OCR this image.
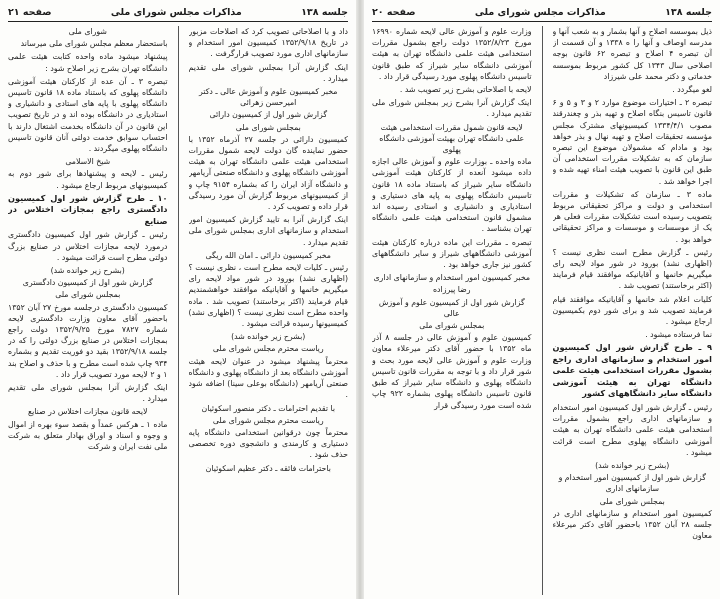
جلسه ۱۳۸
مذاکرات مجلس شورای ملی
صفحه ۲۱
داد و با اصلاحاتی تصویب کرد که اصلاحات مزبور در تاریخ ۱۳۵۲/۹/۱۸ کمیسیون امور استخدام و سازمانهای اداری مورد تصویب قرارگرفت .
اینک گزارش آنرا بمجلس شورای ملی تقدیم میدارد .
مخبر کمیسیون علوم و آموزش عالی ـ دکتر امیرحسن زهرائی
گزارش شور اول از کمیسیون دارائی
بمجلس شورای ملی
کمیسیون دارائی در جلسه ۲۷ آذرماه ۱۳۵۲ با حضور نماینده گان دولت لایحه شمول مقررات استخدامی هیئت علمی دانشگاه تهران به هیئت آموزشی دانشگاه پهلوی و دانشگاه صنعتی آریامهر و دانشگاه آزاد ایران را که بشماره ۹۱۵۴ چاپ و از کمیسیونهای مربوط گزارش آن مورد رسیدگی قرار داده و تصویب کرد .
اینک گزارش آنرا به تایید گزارش کمیسیون امور استخدام و سازمانهای اداری بمجلس شورای ملی تقدیم میدارد .
مخبر کمیسیون دارائی ـ امان الله ریگی
رئیس ـ کلیات لایحه مطرح است ، نظری نیست ؟ (اظهاری نشد) بورود در شور مواد لایحه رای میگیریم خانمها و آقایانیکه موافقند خواهشمندیم قیام فرمایند (اکثر برخاستند) تصویب شد . ماده واحده مطرح است نظری نیست ؟ (اظهاری نشد) کمیسیونها رسیده قرائت میشود .
(بشرح زیر خوانده شد)
ریاست محترم مجلس شورای ملی
محترماً پیشنهاد میشود در عنوان لایحه هیئت آموزشی دانشگاه بعد از دانشگاه پهلوی و دانشگاه صنعتی آریامهر (دانشگاه بوعلی سینا) اضافه شود .
با تقدیم احترامات ـ دکتر منصور اسکوئیان
ریاست محترم مجلس شورای ملی
محترماً چون درقوانین استخدامی دانشگاه پایه دستیاری و کارمندی و دانشجوی دوره تخصصی حذف شود .
باحترامات فائقه ـ دکتر عظیم اسکوئیان
شورای ملی
باستحضار معظم مجلس شورای ملی میرساند
پیشنهاد میشود ماده واحده کتابت هیئت علمی دانشگاه تهران بشرح زیر اصلاح شود :
تبصره ۳ ـ آن عده از کارکنان هیئت آموزشی دانشگاه پهلوی که باستناد ماده ۱۸ قانون تاسیس دانشگاه پهلوی با پایه های استادی و دانشیاری و استادیاری در دانشگاه بوده اند و در تاریخ تصویب این قانون در آن دانشگاه بخدمت اشتغال دارند با احتساب سوابق خدمت دولتی آنان قانون تاسیس دانشگاه پهلوی میگردند .
شیخ الاسلامی
رئیس ـ لایحه و پیشنهادها برای شور دوم به کمیسیونهای مربوط ارجاع میشود .
۱۰ ـ طرح گزارش شور اول کمیسیون دادگستری راجع بمجازات اختلاس در صنایع
رئیس ـ گزارش شور اول کمیسیون دادگستری درمورد لایحه مجازات اختلاس در صنایع بزرگ دولتی مطرح است قرائت میشود .
(بشرح زیر خوانده شد)
گزارش شور اول از کمیسیون دادگستری
بمجلس شورای ملی
کمیسیون دادگستری درجلسه مورخ ۲۷ آبان ۱۳۵۲ باحضور آقای معاون وزارت دادگستری لایحه شماره ۷۸۲۷ مورخ ۱۳۵۲/۹/۲۵ دولت راجع بمجازات اختلاس در صنایع بزرگ دولتی را که در جلسه ۱۳۵۲/۹/۱۸ بقید دو فوریت تقدیم و بشماره ۹۳۴ چاپ شده است مطرح و با حذف و اصلاح بند ۱ و ۲ لایحه مورد تصویب قرار داد .
اینک گزارش آنرا بمجلس شورای ملی تقدیم میدارد .
لایحه قانون مجازات اختلاس در صنایع
ماده ۱ ـ هرکس عمداً و بقصد سوء بهره از اموال و وجوه و اسناد و اوراق بهادار متعلق به شرکت ملی نفت ایران و شرکت
جلسه ۱۳۸
مذاکرات مجلس شورای ملی
صفحه ۲۰
ذیل بموسسه اصلاح و آنها بشمار و به شعب آنها و مدرسه اوصاف و آنها را ه ۱۳۳۸ و آن قسمت از آن تبصره ۴ اصلاح و تبصره ۶۲ قانون بوجه اصلاحی سال ۱۳۴۳ کل کشور مربوط بموسسه خدماتی و دکتر محمد علی شیرزاد
لغو میگردد .
تبصره ۲ ـ اختیارات موضوع موارد ۲ و ۳ و ۵ و ۶ قانون تاسیس بنگاه اصلاح و تهیه بذر و چغندرقند مصوب ۱۳۳۴/۴/۱ کمیسیونهای مشترک مجلس مؤسسه تحقیقات اصلاح و تهیه نهال و بذر خواهد بود و مادام که مشمولان موضوع این تبصره سازمان که به تشکیلات مقررات استخدامی آن طبق این قانون با تصویب هیئت امناء تهیه شده و اجرا خواهد شد .
ماده ۳ ـ سازمان که تشکیلات و مقررات استخدامی و دولت و مراکز تحقیقاتی مربوط بتصویب رسیده است تشکیلات مقررات فعلی هر یک از موسسات و موسسات و مراکز تحقیقاتی خواهد بود .
رئیس ـ گزارش مطرح است نظری نیست ؟ (اظهاری نشد) بورود در شور مواد لایحه رای میگیریم خانمها و آقایانیکه موافقند قیام فرمایند (اکثر برخاستند) تصویب شد .
کلیات اعلام شد خانمها و آقایانیکه موافقند قیام فرمایند تصویب شد و برای شور دوم بکمیسیون ارجاع میشود .
نما فرستاده میشود .
۹ ـ طرح گزارش شور اول کمیسیون امور استخدام و سازمانهای اداری راجع بشمول مقررات استخدامی هیئت علمی دانشگاه تهران به هیئت آموزشی دانشگاه سایر دانشگاههای کشور
رئیس ـ گزارش شور اول کمیسیون امور استخدام و سازمانهای اداری راجع بشمول مقررات استخدامی هیئت علمی دانشگاه تهران به هیئت آموزشی دانشگاه پهلوی مطرح است قرائت میشود .
(بشرح زیر خوانده شد)
گزارش شور اول از کمیسیون امور استخدام و سازمانهای اداری
بمجلس شورای ملی
کمیسیون امور استخدام و سازمانهای اداری در جلسه ۲۸ آبان ۱۳۵۲ باحضور آقای دکتر میرعلاء معاون
وزارت علوم و آموزش عالی لایحه شماره ۱۶۹۹۰ مورخ ۱۳۵۲/۸/۲۳ دولت راجع بشمول مقررات استخدامی هیئت علمی دانشگاه تهران به هیئت آموزشی دانشگاه سایر شیراز که طبق قانون تاسیس دانشگاه پهلوی مورد رسیدگی قرار داد .
لایحه با اصلاحاتی بشرح زیر تصویب شد .
اینک گزارش آنرا بشرح زیر بمجلس شورای ملی تقدیم میدارد .
لایحه قانون شمول مقررات استخدامی هیئت علمی دانشگاه تهران بهیئت آموزشی دانشگاه پهلوی
ماده واحده ـ بوزارت علوم و آموزش عالی اجازه داده میشود آنعده از کارکنان هیئت آموزشی دانشگاه سایر شیراز که باستناد ماده ۱۸ قانون تاسیس دانشگاه پهلوی به پایه های دستیاری و استادیاری و دانشیاری و استادی رسیده اند مشمول قانون استخدامی هیئت علمی دانشگاه تهران بشناسد .
تبصره ـ مقررات این ماده درباره کارکنان هیئت آموزشی دانشگاههای شیراز و سایر دانشگاههای کشور نیز جاری خواهد بود .
مخبر کمیسیون امور استخدام و سازمانهای اداری
رضا پیرزاده
گزارش شور اول از کمیسیون علوم و آموزش عالی
بمجلس شورای ملی
کمیسیون علوم و آموزش عالی در جلسه ۸ آذر ماه ۱۳۵۲ با حضور آقای دکتر میرعلاء معاون وزارت علوم و آموزش عالی لایحه مورد بحث و شور قرار داد و با توجه به مقررات قانون تاسیس دانشگاه پهلوی و دانشگاه سایر شیراز که طبق قانون تاسیس دانشگاه پهلوی بشماره ۹۲۲ چاپ شده است مورد رسیدگی قرار
